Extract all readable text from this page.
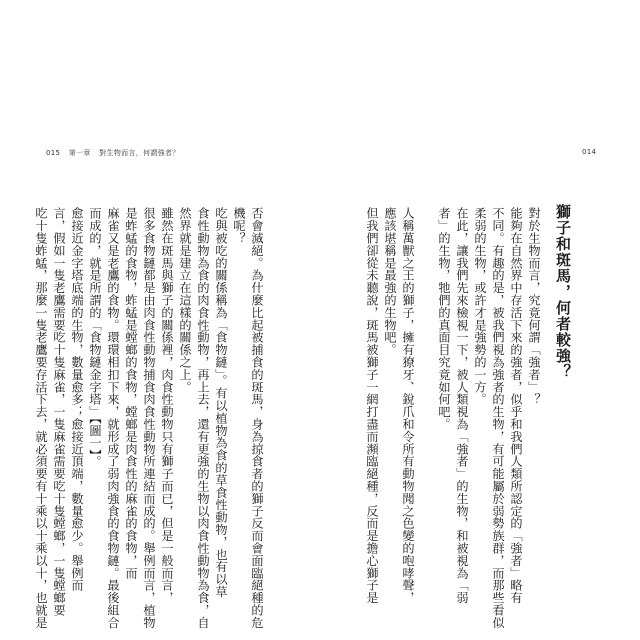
015 第一章 對生物而言，何謂強者？	014
獅子和斑馬，何者較強？
對於生物而言，究竟何謂「強者」？
能夠在自然界中存活下來的強者，似乎和我們人類所認定的「強者」略有
不同。有趣的是，被我們視為強者的生物，有可能屬於弱勢族群，而那些看似
柔弱的生物，或許才是強勢的一方。
在此，讓我們先來檢視一下，被人類視為「強者」的生物，和被視為「弱
者」的生物，牠們的真面目究竟如何吧。
人稱萬獸之王的獅子，擁有獠牙、銳爪和令所有動物聞之色變的咆哮聲，
應該堪稱是最強的生物吧。
但我們卻從未聽說，斑馬被獅子一網打盡而瀕臨絕種，反而是擔心獅子是
否會滅絕。為什麼比起被捕食的斑馬，身為掠食者的獅子反而會面臨絕種的危
機呢？
吃與被吃的關係稱為「食物鏈」。有以植物為食的草食性動物，也有以草
食性動物為食的肉食性動物，再上去，還有更強的生物以肉食性動物為食，自
然界就是建立在這樣的關係之上。
雖然在斑馬與獅子的關係裡，肉食性動物只有獅子而已，但是一般而言，
很多食物鏈都是由肉食性動物捕食肉食性動物所連結而成的。舉例而言，植物
是蚱蜢的食物，蚱蜢是螳螂的食物，螳螂是肉食性的麻雀的食物，而
麻雀又是老鷹的食物。環環相扣下來，就形成了弱肉強食的食物鏈。最後組合
而成的，就是所謂的「食物鏈金字塔」【圖一】。
愈接近金字塔底端的生物，數量愈多；愈接近頂端，數量愈少。舉例而
言，假如一隻老鷹需要吃十隻麻雀，一隻麻雀需要吃十隻螳螂，一隻螳螂要
吃十隻蚱蜢，那麼一隻老鷹要存活下去，就必須要有十乘以十乘以十，也就是
